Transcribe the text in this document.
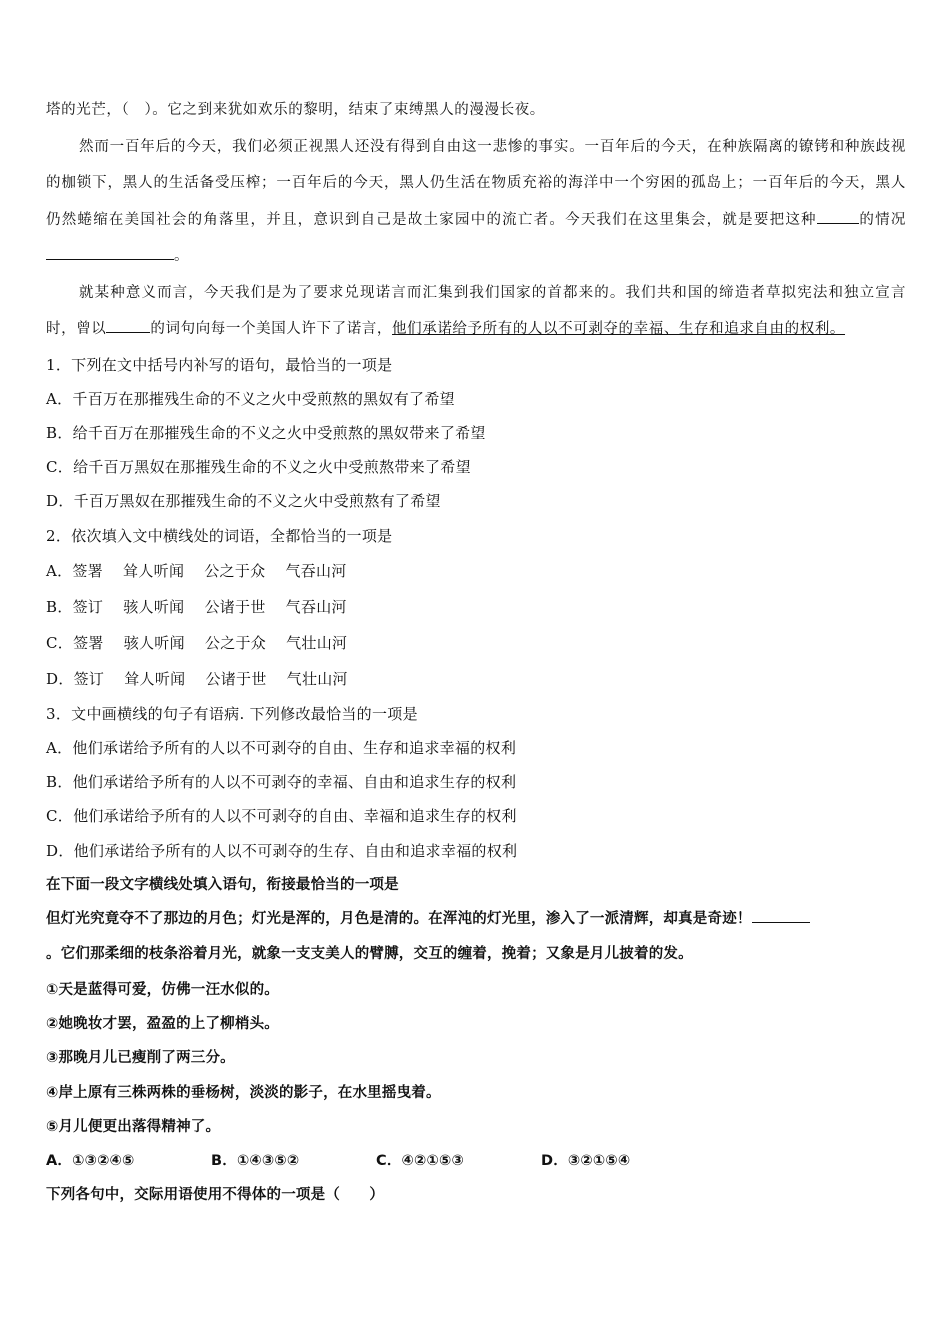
塔的光芒，（　）。它之到来犹如欢乐的黎明，结束了束缚黑人的漫漫长夜。

然而一百年后的今天，我们必须正视黑人还没有得到自由这一悲惨的事实。一百年后的今天，在种族隔离的镣铐和种族歧视的枷锁下，黑人的生活备受压榨；一百年后的今天，黑人仍生活在物质充裕的海洋中一个穷困的孤岛上；一百年后的今天，黑人仍然蜷缩在美国社会的角落里，并且，意识到自己是故土家园中的流亡者。今天我们在这里集会，就是要把这种	的情况。

就某种意义而言，今天我们是为了要求兑现诺言而汇集到我们国家的首都来的。我们共和国的缔造者草拟宪法和独立宣言时，曾以	的词句向每一个美国人许下了诺言，他们承诺给予所有的人以不可剥夺的幸福、生存和追求自由的权利。

1．下列在文中括号内补写的语句，最恰当的一项是

A．千百万在那摧残生命的不义之火中受煎熬的黑奴有了希望

B．给千百万在那摧残生命的不义之火中受煎熬的黑奴带来了希望

C．给千百万黑奴在那摧残生命的不义之火中受煎熬带来了希望

D．千百万黑奴在那摧残生命的不义之火中受煎熬有了希望

2．依次填入文中横线处的词语，全都恰当的一项是

A．签署 耸人听闻 公之于众 气吞山河

B．签订 骇人听闻 公诸于世 气吞山河

C．签署 骇人听闻 公之于众 气壮山河

D．签订 耸人听闻 公诸于世 气壮山河

3．文中画横线的句子有语病. 下列修改最恰当的一项是

A．他们承诺给予所有的人以不可剥夺的自由、生存和追求幸福的权利

B．他们承诺给予所有的人以不可剥夺的幸福、自由和追求生存的权利

C．他们承诺给予所有的人以不可剥夺的自由、幸福和追求生存的权利

D．他们承诺给予所有的人以不可剥夺的生存、自由和追求幸福的权利

在下面一段文字横线处填入语句，衔接最恰当的一项是

但灯光究竟夺不了那边的月色；灯光是浑的，月色是清的。在浑沌的灯光里，渗入了一派清辉，却真是奇迹！

。它们那柔细的枝条浴着月光，就象一支支美人的臂膊，交互的缠着，挽着；又象是月儿披着的发。

①天是蓝得可爱，仿佛一汪水似的。

②她晚妆才罢，盈盈的上了柳梢头。

③那晚月儿已瘦削了两三分。

④岸上原有三株两株的垂杨树，淡淡的影子，在水里摇曳着。

⑤月儿便更出落得精神了。

A．①③②④⑤	B．①④③⑤②	C．④②①⑤③	D．③②①⑤④

下列各句中，交际用语使用不得体的一项是（　　）
